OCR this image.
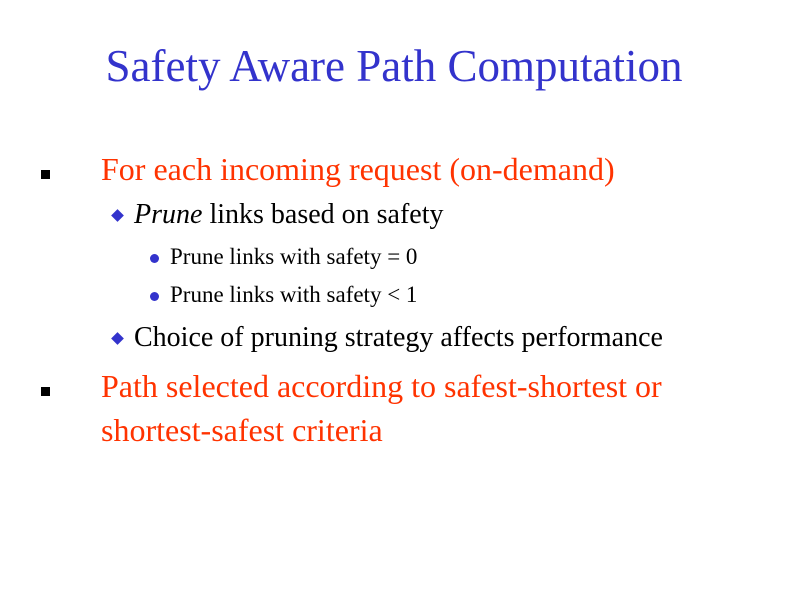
Safety Aware Path Computation
For each incoming request (on-demand)
Prune links based on safety
Prune links with safety = 0
Prune links with safety < 1
Choice of pruning strategy affects performance
Path selected according to safest-shortest or
shortest-safest criteria
